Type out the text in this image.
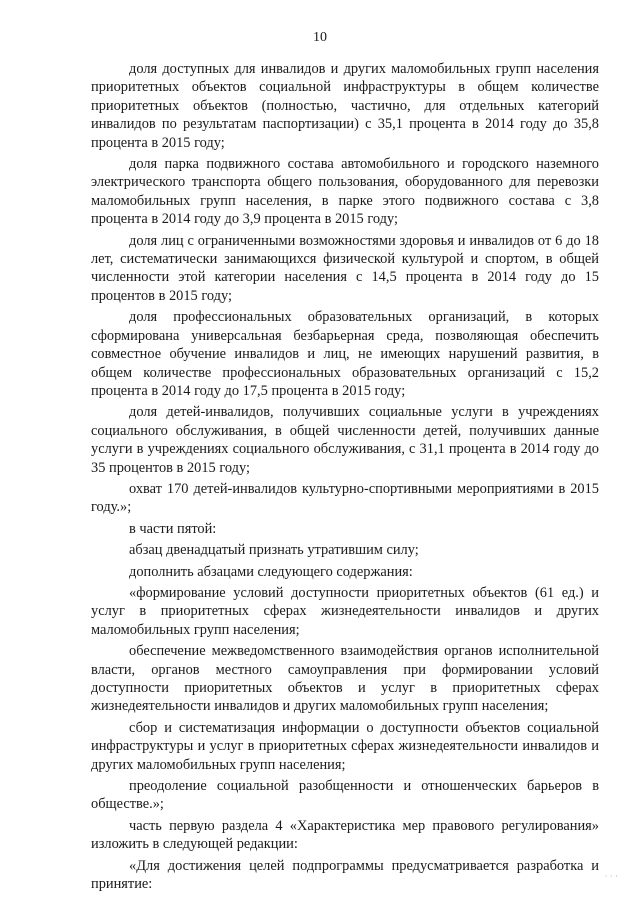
10

доля доступных для инвалидов и других маломобильных групп населения приоритетных объектов социальной инфраструктуры в общем количестве приоритетных объектов (полностью, частично, для отдельных категорий инвалидов по результатам паспортизации) с 35,1 процента в 2014 году до 35,8 процента в 2015 году;

доля парка подвижного состава автомобильного и городского наземного электрического транспорта общего пользования, оборудованного для перевозки маломобильных групп населения, в парке этого подвижного состава с 3,8 процента в 2014 году до 3,9 процента в 2015 году;

доля лиц с ограниченными возможностями здоровья и инвалидов от 6 до 18 лет, систематически занимающихся физической культурой и спортом, в общей численности этой категории населения с 14,5 процента в 2014 году до 15 процентов в 2015 году;

доля профессиональных образовательных организаций, в которых сформирована универсальная безбарьерная среда, позволяющая обеспечить совместное обучение инвалидов и лиц, не имеющих нарушений развития, в общем количестве профессиональных образовательных организаций с 15,2 процента в 2014 году до 17,5 процента в 2015 году;

доля детей-инвалидов, получивших социальные услуги в учреждениях социального обслуживания, в общей численности детей, получивших данные услуги в учреждениях социального обслуживания, с 31,1 процента в 2014 году до 35 процентов в 2015 году;

охват 170 детей-инвалидов культурно-спортивными мероприятиями в 2015 году.»;

в части пятой:

абзац двенадцатый признать утратившим силу;

дополнить абзацами следующего содержания:

«формирование условий доступности приоритетных объектов (61 ед.) и услуг в приоритетных сферах жизнедеятельности инвалидов и других маломобильных групп населения;

обеспечение межведомственного взаимодействия органов исполнительной власти, органов местного самоуправления при формировании условий доступности приоритетных объектов и услуг в приоритетных сферах жизнедеятельности инвалидов и других маломобильных групп населения;

сбор и систематизация информации о доступности объектов социальной инфраструктуры и услуг в приоритетных сферах жизнедеятельности инвалидов и других маломобильных групп населения;

преодоление социальной разобщенности и отношенческих барьеров в обществе.»;

часть первую раздела 4 «Характеристика мер правового регулирования» изложить в следующей редакции:

«Для достижения целей подпрограммы предусматривается разработка и принятие:

· · ·
